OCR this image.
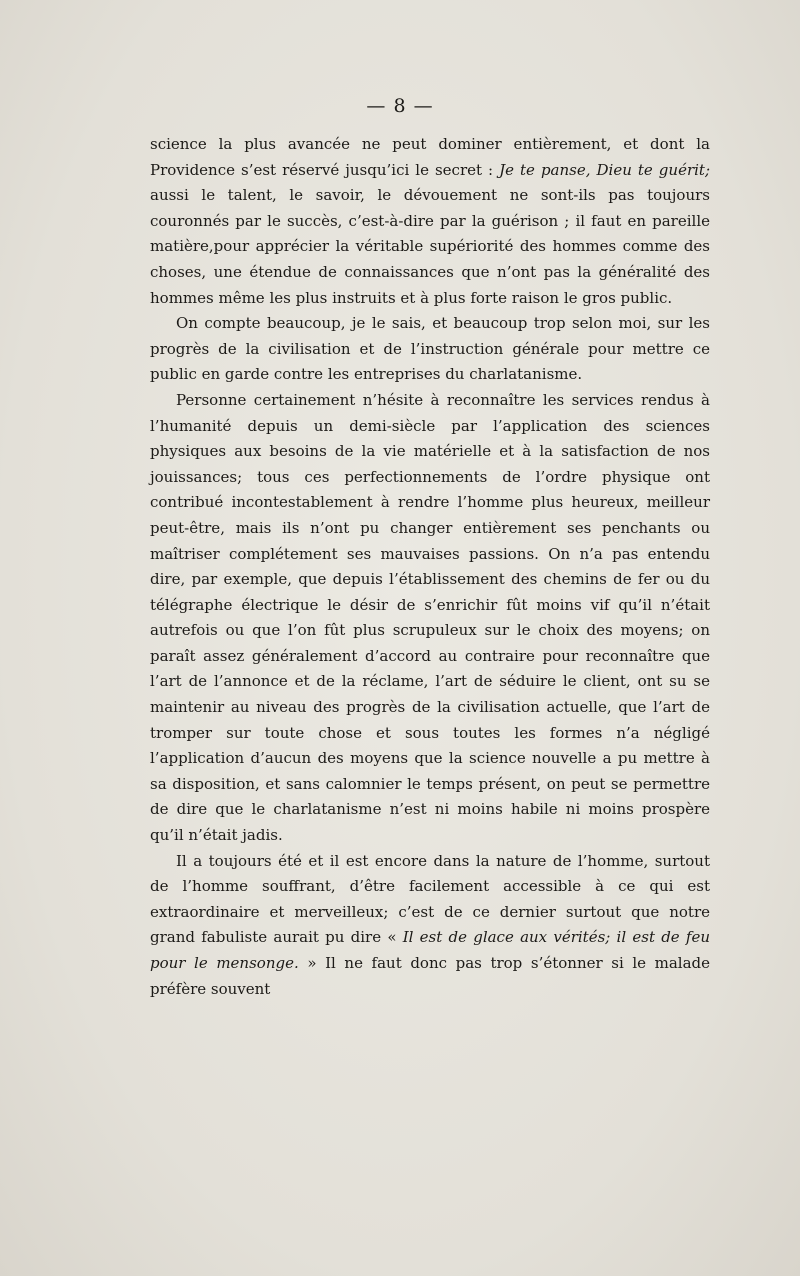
— 8 —

science la plus avancée ne peut dominer entièrement, et dont la Providence s’est réservé jusqu’ici le secret : Je te panse, Dieu te guérit; aussi le talent, le savoir, le dévouement ne sont-ils pas toujours couronnés par le succès, c’est-à-dire par la guérison ; il faut en pareille matière,pour apprécier la véritable supériorité des hommes comme des choses, une étendue de connaissances que n’ont pas la généralité des hommes même les plus instruits et à plus forte raison le gros public.

On compte beaucoup, je le sais, et beaucoup trop selon moi, sur les progrès de la civilisation et de l’instruction générale pour mettre ce public en garde contre les entreprises du charlatanisme.

Personne certainement n’hésite à reconnaître les services rendus à l’humanité depuis un demi-siècle par l’application des sciences physiques aux besoins de la vie matérielle et à la satisfaction de nos jouissances; tous ces perfectionnements de l’ordre physique ont contribué incontestablement à rendre l’homme plus heureux, meilleur peut-être, mais ils n’ont pu changer entièrement ses penchants ou maîtriser complétement ses mauvaises passions. On n’a pas entendu dire, par exemple, que depuis l’établissement des chemins de fer ou du télégraphe électrique le désir de s’enrichir fût moins vif qu’il n’était autrefois ou que l’on fût plus scrupuleux sur le choix des moyens; on paraît assez généralement d’accord au contraire pour reconnaître que l’art de l’annonce et de la réclame, l’art de séduire le client, ont su se maintenir au niveau des progrès de la civilisation actuelle, que l’art de tromper sur toute chose et sous toutes les formes n’a négligé l’application d’aucun des moyens que la science nouvelle a pu mettre à sa disposition, et sans calomnier le temps présent, on peut se permettre de dire que le charlatanisme n’est ni moins habile ni moins prospère qu’il n’était jadis.

Il a toujours été et il est encore dans la nature de l’homme, surtout de l’homme souffrant, d’être facilement accessible à ce qui est extraordinaire et merveilleux; c’est de ce dernier surtout que notre grand fabuliste aurait pu dire « Il est de glace aux vérités; il est de feu pour le mensonge. » Il ne faut donc pas trop s’étonner si le malade préfère souvent
